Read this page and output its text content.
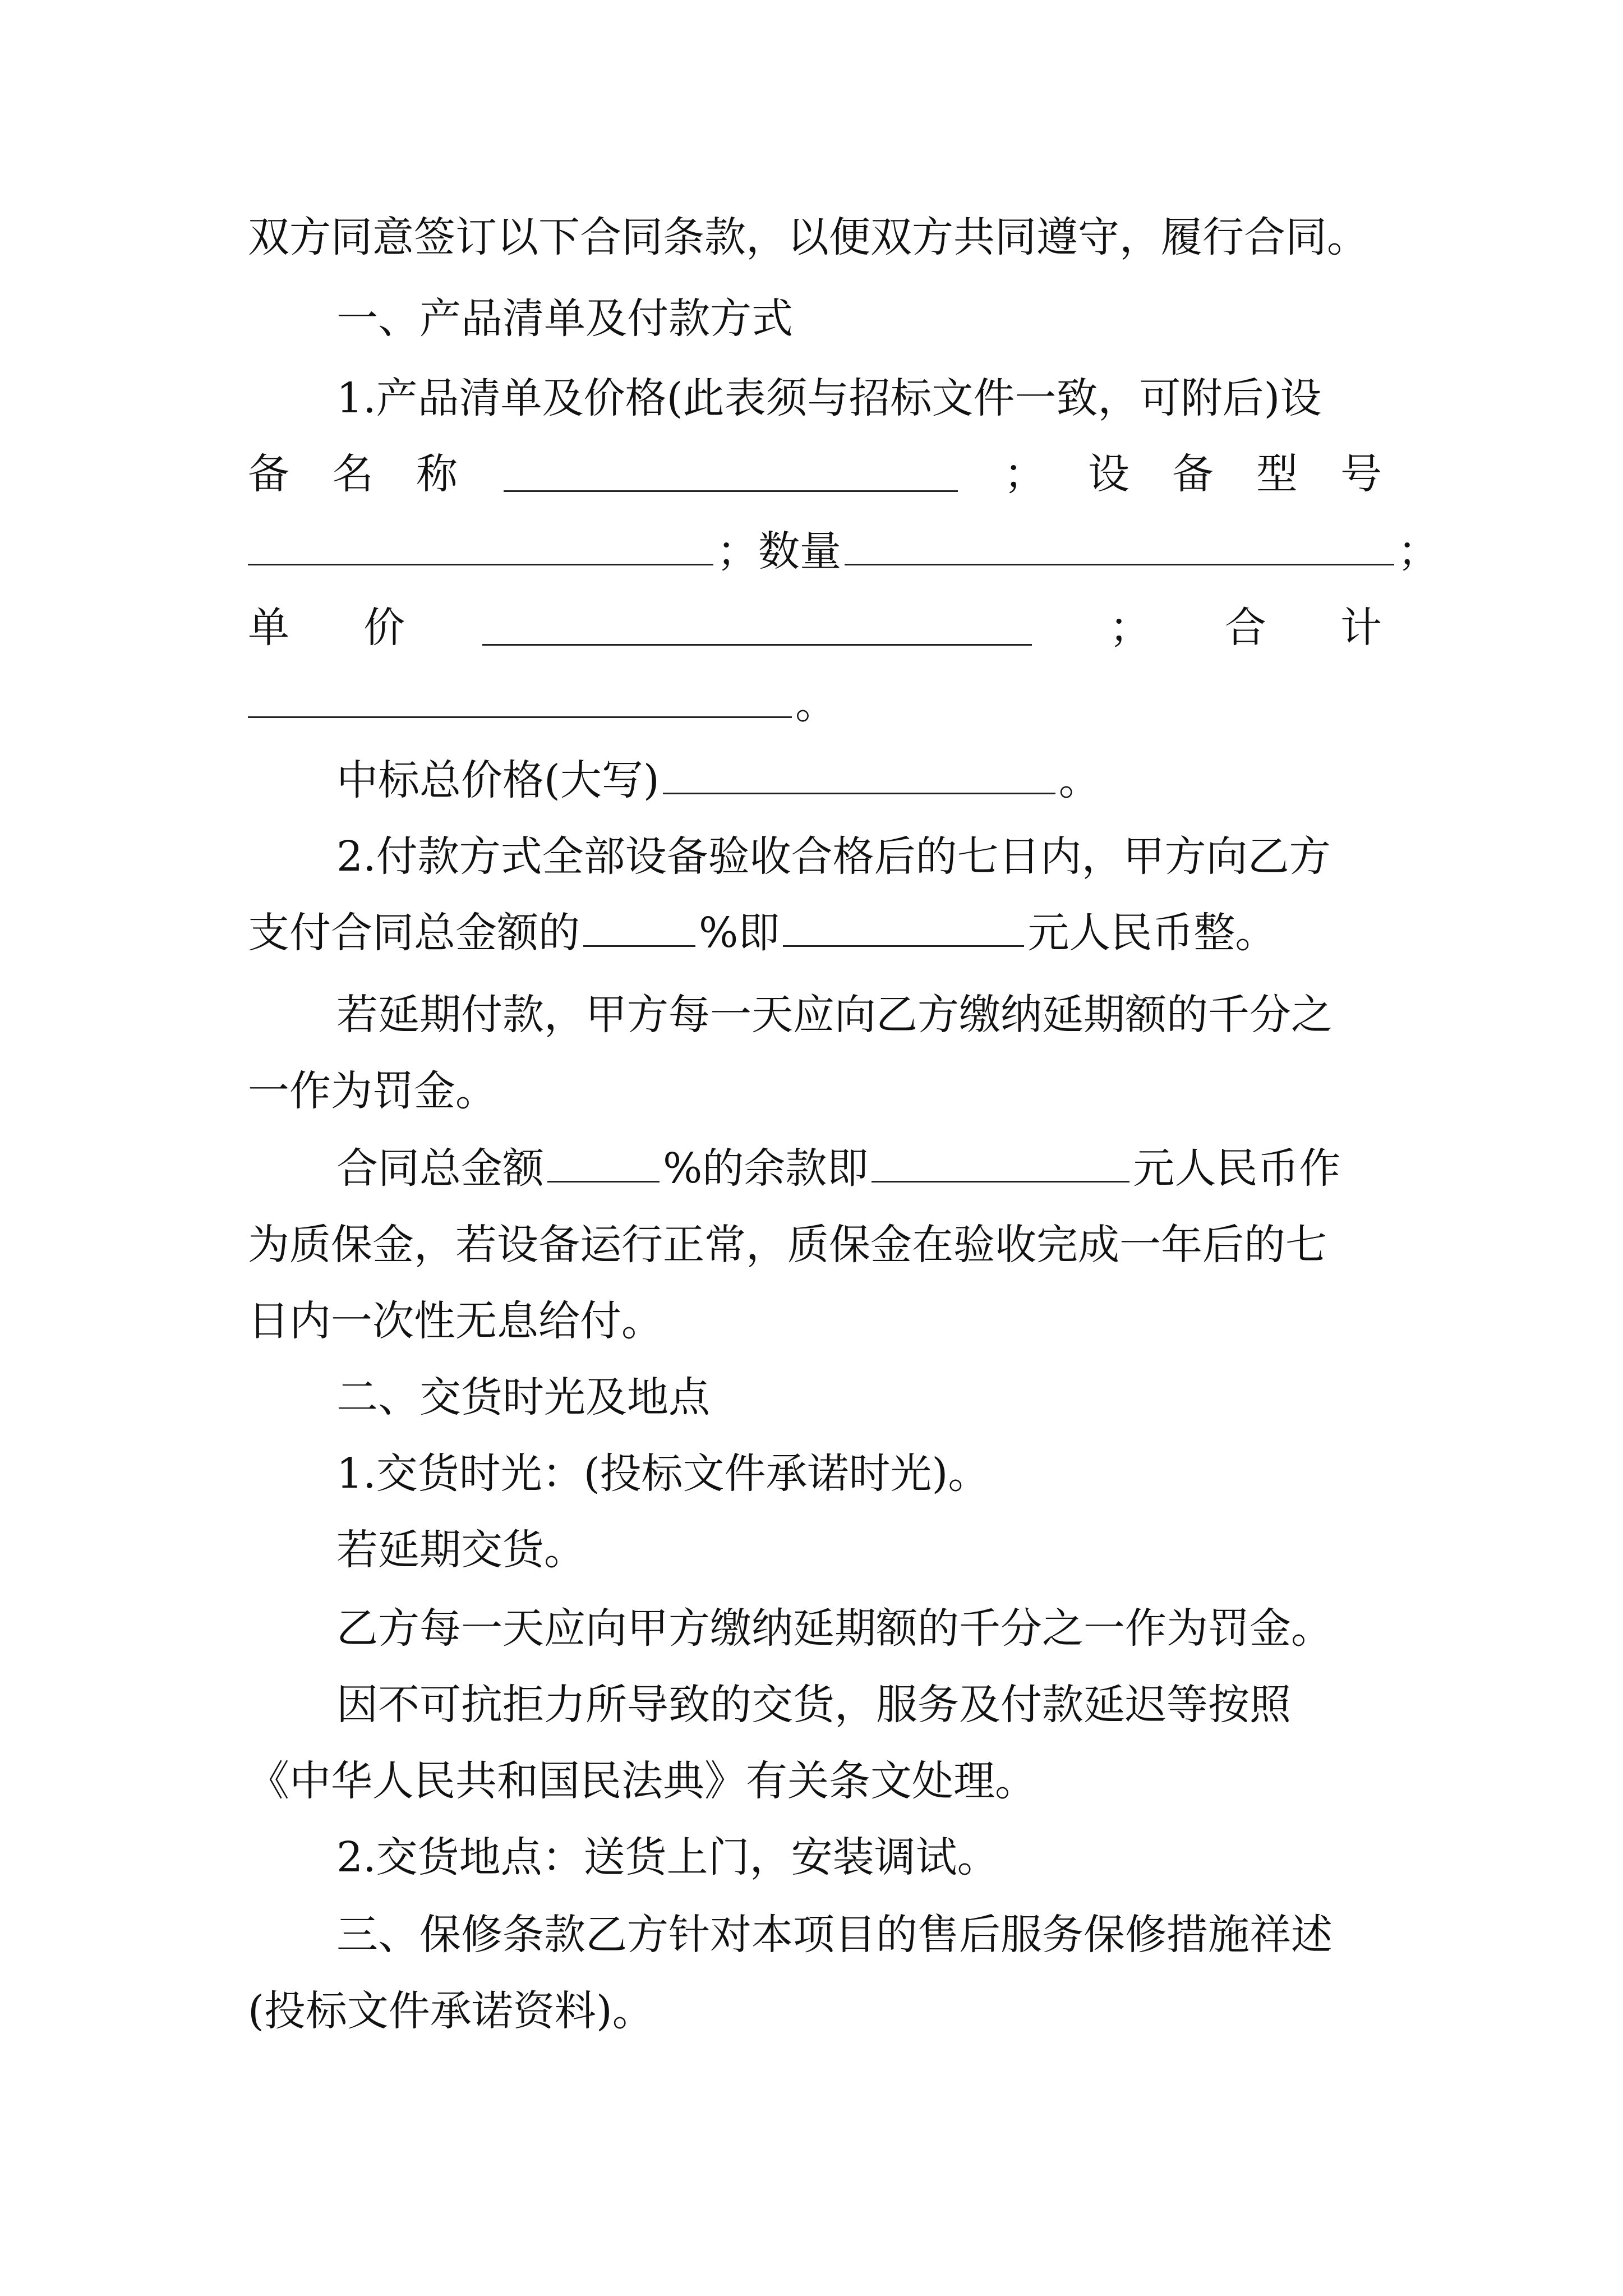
双方同意签订以下合同条款，以便双方共同遵守，履行合同。
一、产品清单及付款方式
1.产品清单及价格(此表须与招标文件一致，可附后)设
备 名 称	； 设 备 型 号
；数量	；
单 价	； 合 计
。
中标总价格(大写)	。
2.付款方式全部设备验收合格后的七日内，甲方向乙方
支付合同总金额的	%即	元人民币整。
若延期付款，甲方每一天应向乙方缴纳延期额的千分之
一作为罚金。
合同总金额	%的余款即	元人民币作
为质保金，若设备运行正常，质保金在验收完成一年后的七
日内一次性无息给付。
二、交货时光及地点
1.交货时光：(投标文件承诺时光)。
若延期交货。
乙方每一天应向甲方缴纳延期额的千分之一作为罚金。
因不可抗拒力所导致的交货，服务及付款延迟等按照
《中华人民共和国民法典》有关条文处理。
2.交货地点：送货上门，安装调试。
三、保修条款乙方针对本项目的售后服务保修措施祥述
(投标文件承诺资料)。
